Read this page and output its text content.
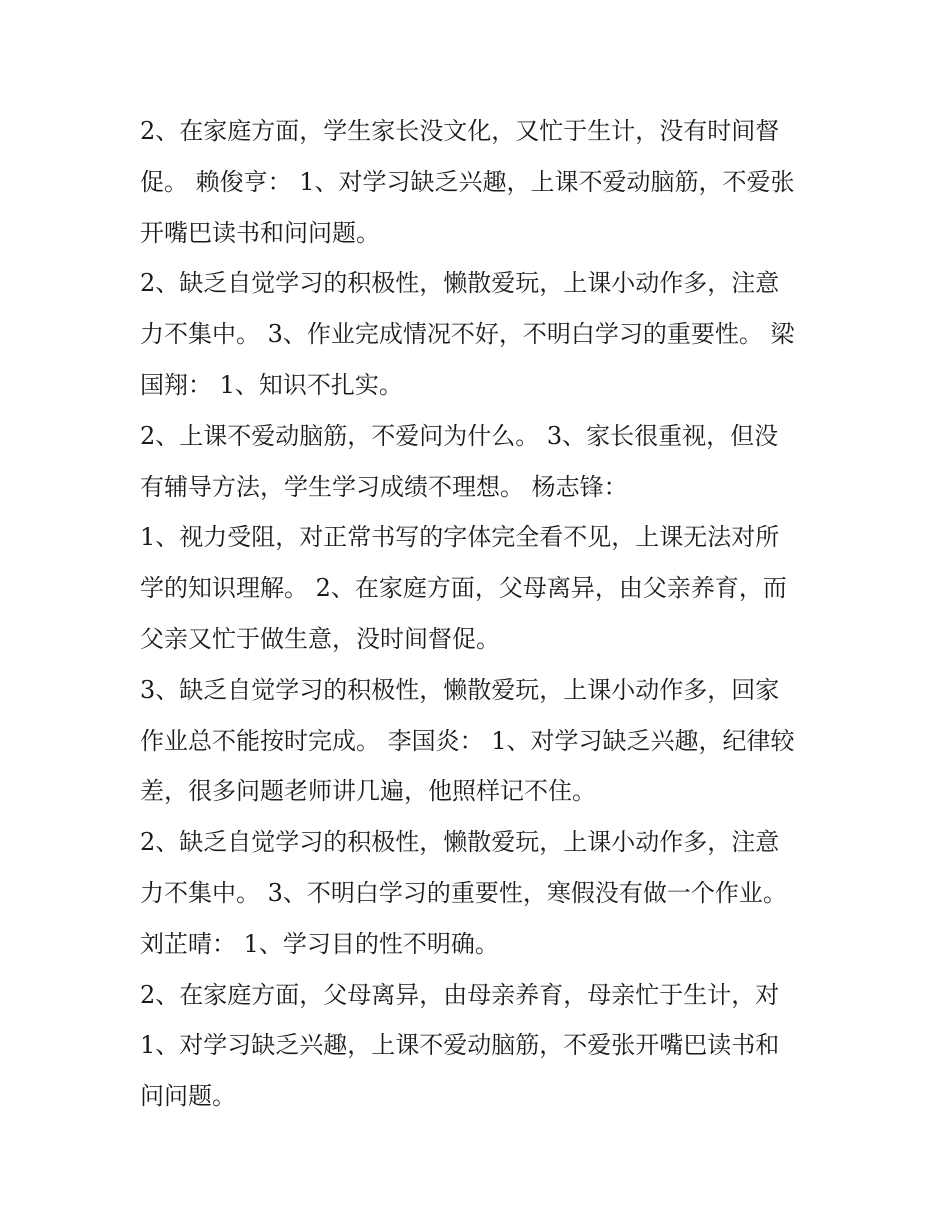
2、在家庭方面，学生家长没文化，又忙于生计，没有时间督
促。 赖俊亨： 1、对学习缺乏兴趣，上课不爱动脑筋，不爱张
开嘴巴读书和问问题。
2、缺乏自觉学习的积极性，懒散爱玩，上课小动作多，注意
力不集中。 3、作业完成情况不好，不明白学习的重要性。 梁
国翔： 1、知识不扎实。
2、上课不爱动脑筋，不爱问为什么。 3、家长很重视，但没
有辅导方法，学生学习成绩不理想。 杨志锋：
1、视力受阻，对正常书写的字体完全看不见，上课无法对所
学的知识理解。 2、在家庭方面，父母离异，由父亲养育，而
父亲又忙于做生意，没时间督促。
3、缺乏自觉学习的积极性，懒散爱玩，上课小动作多，回家
作业总不能按时完成。 李国炎： 1、对学习缺乏兴趣，纪律较
差，很多问题老师讲几遍，他照样记不住。
2、缺乏自觉学习的积极性，懒散爱玩，上课小动作多，注意
力不集中。 3、不明白学习的重要性，寒假没有做一个作业。
刘芷晴： 1、学习目的性不明确。
2、在家庭方面，父母离异，由母亲养育，母亲忙于生计，对
1、对学习缺乏兴趣，上课不爱动脑筋，不爱张开嘴巴读书和
问问题。
